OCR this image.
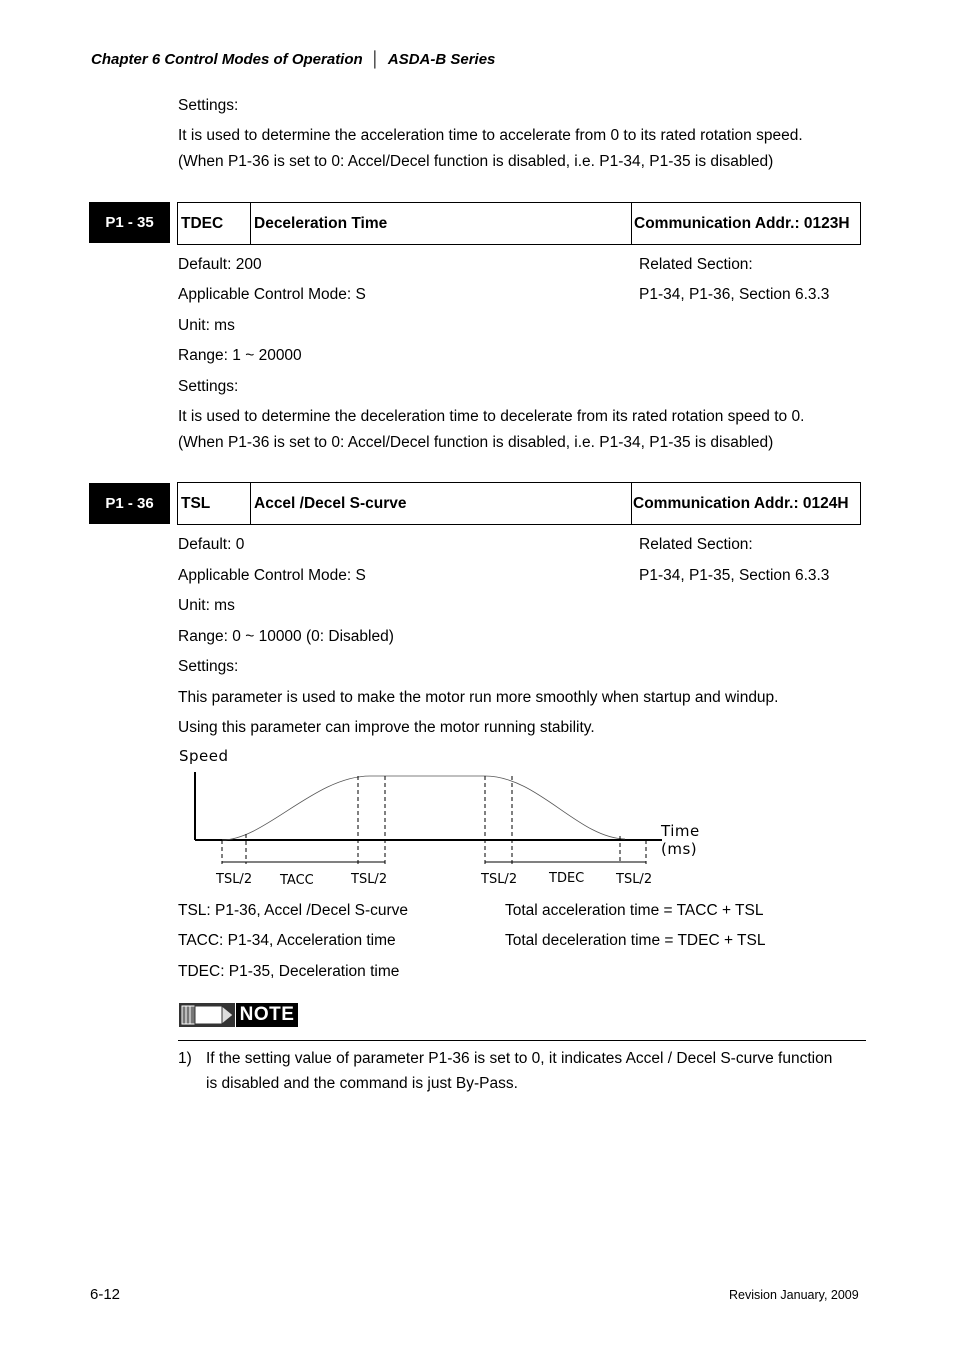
Chapter 6 Control Modes of Operation │ ASDA-B Series
Settings:
It is used to determine the acceleration time to accelerate from 0 to its rated rotation speed.
(When P1-36 is set to 0: Accel/Decel function is disabled, i.e. P1-34, P1-35 is disabled)
P1 - 35	TDEC	Deceleration Time	Communication Addr.: 0123H
Default: 200	Related Section:
Applicable Control Mode: S	P1-34, P1-36, Section 6.3.3
Unit: ms
Range: 1 ~ 20000
Settings:
It is used to determine the deceleration time to decelerate from its rated rotation speed to 0.
(When P1-36 is set to 0: Accel/Decel function is disabled, i.e. P1-34, P1-35 is disabled)
P1 - 36	TSL	Accel /Decel S-curve	Communication Addr.: 0124H
Default: 0	Related Section:
Applicable Control Mode: S	P1-34, P1-35, Section 6.3.3
Unit: ms
Range: 0 ~ 10000 (0: Disabled)
Settings:
This parameter is used to make the motor run more smoothly when startup and windup.
Using this parameter can improve the motor running stability.
Speed
Time
(ms)
TSL/2 TACC	TSL/2	TSL/2 TDEC TSL/2
TSL: P1-36, Accel /Decel S-curve	Total acceleration time = TACC + TSL
TACC: P1-34, Acceleration time	Total deceleration time = TDEC + TSL
TDEC: P1-35, Deceleration time
NOTE
1) If the setting value of parameter P1-36 is set to 0, it indicates Accel / Decel S-curve function
is disabled and the command is just By-Pass.
6-12	Revision January, 2009
